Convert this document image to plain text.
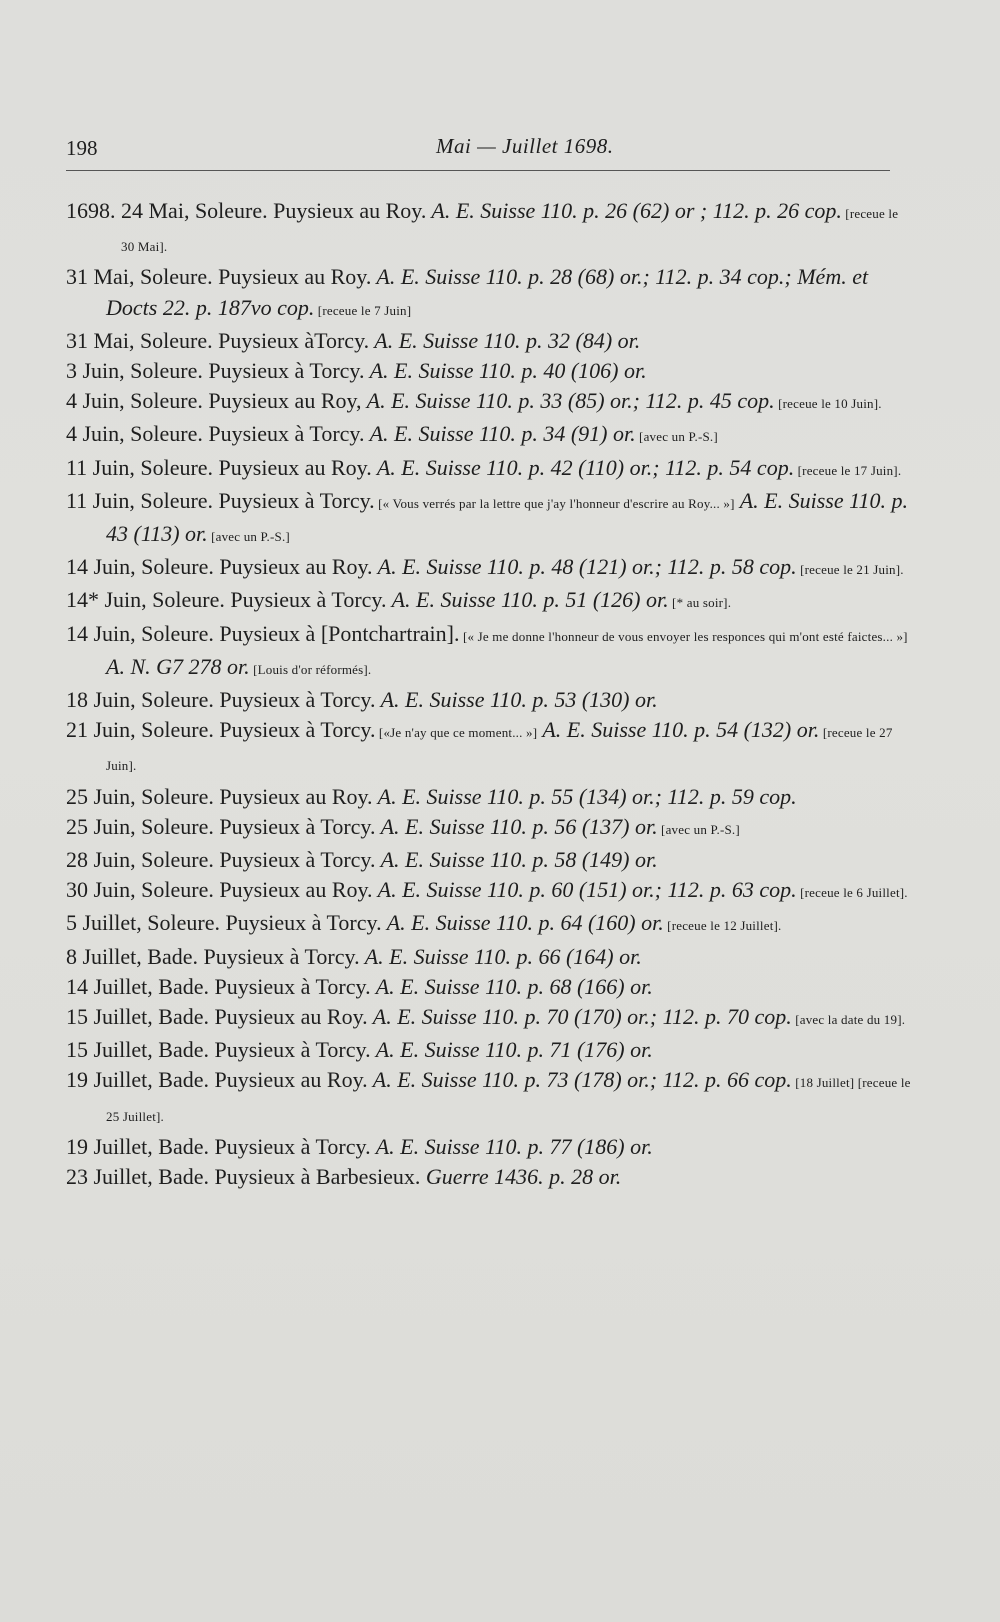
198	Mai — Juillet 1698.

1698. 24 Mai, Soleure. Puysieux au Roy. A. E. Suisse 110. p. 26 (62) or ; 112. p. 26 cop. [receue le 30 Mai].

31 Mai, Soleure. Puysieux au Roy. A. E. Suisse 110. p. 28 (68) or.; 112. p. 34 cop.; Mém. et Docts 22. p. 187vo cop. [receue le 7 Juin]

31 Mai, Soleure. Puysieux àTorcy. A. E. Suisse 110. p. 32 (84) or.

3 Juin, Soleure. Puysieux à Torcy. A. E. Suisse 110. p. 40 (106) or.

4 Juin, Soleure. Puysieux au Roy, A. E. Suisse 110. p. 33 (85) or.; 112. p. 45 cop. [receue le 10 Juin].

4 Juin, Soleure. Puysieux à Torcy. A. E. Suisse 110. p. 34 (91) or. [avec un P.-S.]

11 Juin, Soleure. Puysieux au Roy. A. E. Suisse 110. p. 42 (110) or.; 112. p. 54 cop. [receue le 17 Juin].

11 Juin, Soleure. Puysieux à Torcy. [« Vous verrés par la lettre que j'ay l'honneur d'escrire au Roy... »] A. E. Suisse 110. p. 43 (113) or. [avec un P.-S.]

14 Juin, Soleure. Puysieux au Roy. A. E. Suisse 110. p. 48 (121) or.; 112. p. 58 cop. [receue le 21 Juin].

14* Juin, Soleure. Puysieux à Torcy. A. E. Suisse 110. p. 51 (126) or. [* au soir].

14 Juin, Soleure. Puysieux à [Pontchartrain]. [« Je me donne l'honneur de vous envoyer les responces qui m'ont esté faictes... »] A. N. G7 278 or. [Louis d'or réformés].

18 Juin, Soleure. Puysieux à Torcy. A. E. Suisse 110. p. 53 (130) or.

21 Juin, Soleure. Puysieux à Torcy. [«Je n'ay que ce moment... »] A. E. Suisse 110. p. 54 (132) or. [receue le 27 Juin].

25 Juin, Soleure. Puysieux au Roy. A. E. Suisse 110. p. 55 (134) or.; 112. p. 59 cop.

25 Juin, Soleure. Puysieux à Torcy. A. E. Suisse 110. p. 56 (137) or. [avec un P.-S.]

28 Juin, Soleure. Puysieux à Torcy. A. E. Suisse 110. p. 58 (149) or.

30 Juin, Soleure. Puysieux au Roy. A. E. Suisse 110. p. 60 (151) or.; 112. p. 63 cop. [receue le 6 Juillet].

5 Juillet, Soleure. Puysieux à Torcy. A. E. Suisse 110. p. 64 (160) or. [receue le 12 Juillet].

8 Juillet, Bade. Puysieux à Torcy. A. E. Suisse 110. p. 66 (164) or.

14 Juillet, Bade. Puysieux à Torcy. A. E. Suisse 110. p. 68 (166) or.

15 Juillet, Bade. Puysieux au Roy. A. E. Suisse 110. p. 70 (170) or.; 112. p. 70 cop. [avec la date du 19].

15 Juillet, Bade. Puysieux à Torcy. A. E. Suisse 110. p. 71 (176) or.

19 Juillet, Bade. Puysieux au Roy. A. E. Suisse 110. p. 73 (178) or.; 112. p. 66 cop. [18 Juillet] [receue le 25 Juillet].

19 Juillet, Bade. Puysieux à Torcy. A. E. Suisse 110. p. 77 (186) or.

23 Juillet, Bade. Puysieux à Barbesieux. Guerre 1436. p. 28 or.
